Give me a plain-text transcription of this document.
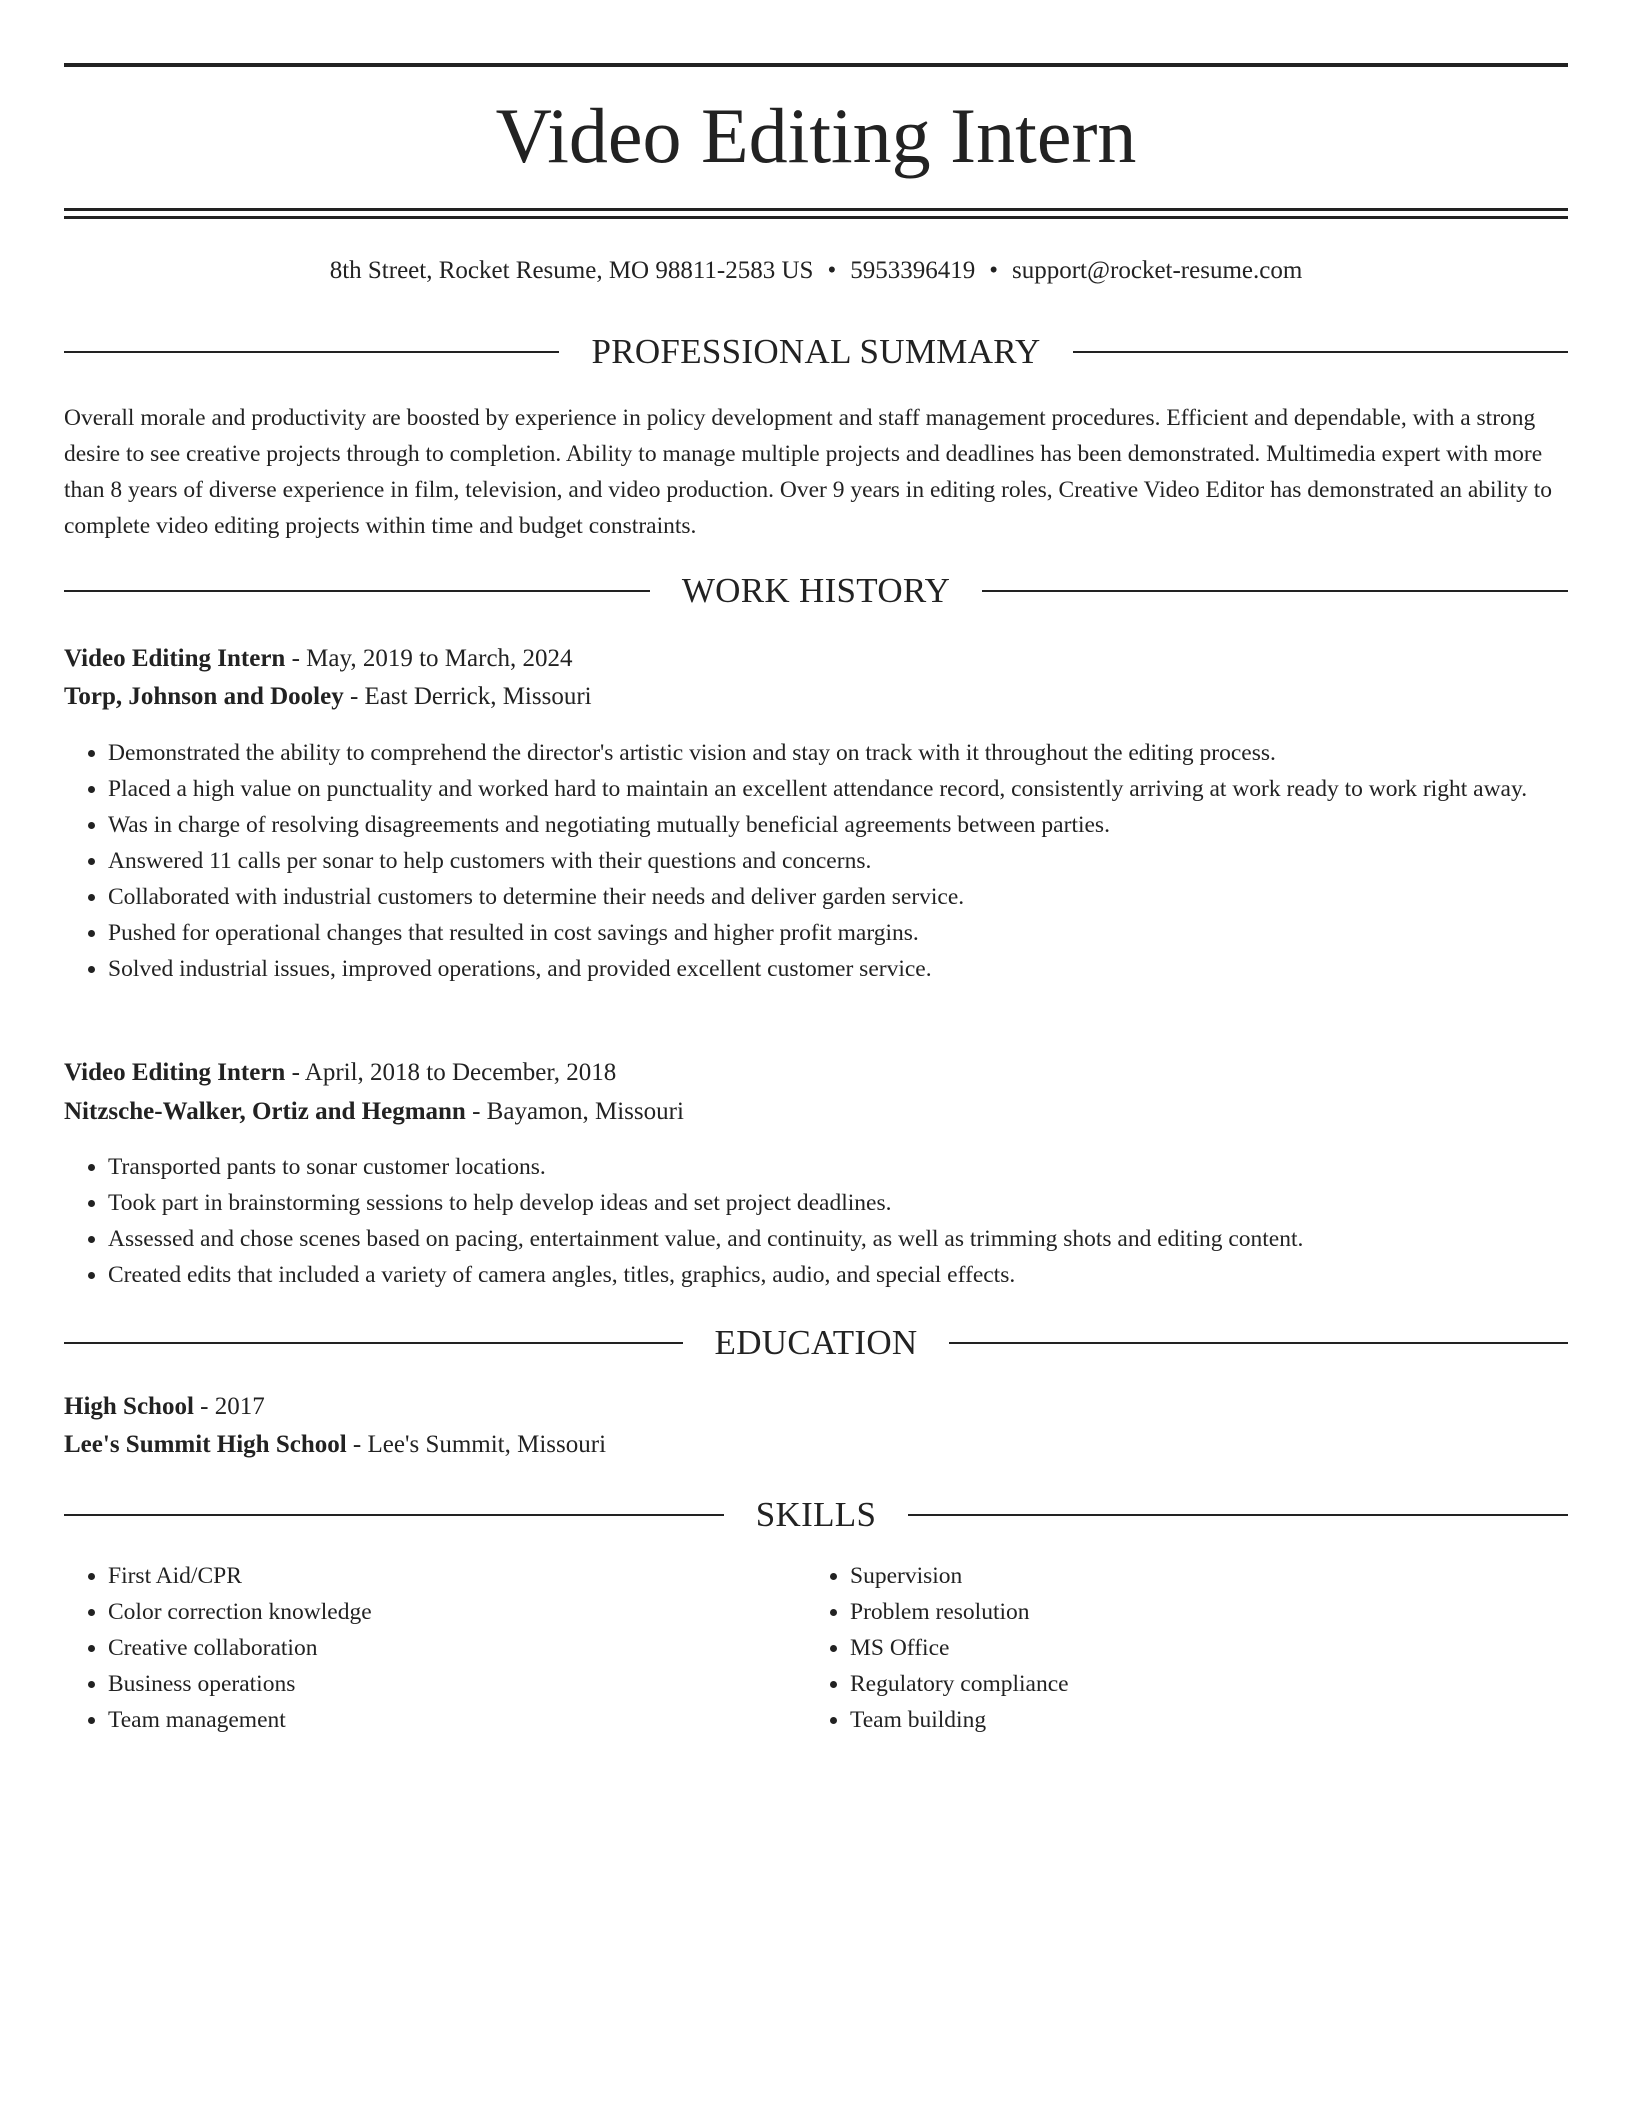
Video Editing Intern
8th Street, Rocket Resume, MO 98811-2583 US • 5953396419 • support@rocket-resume.com
PROFESSIONAL SUMMARY

Overall morale and productivity are boosted by experience in policy development and staff management procedures. Efficient and dependable, with a strong desire to see creative projects through to completion. Ability to manage multiple projects and deadlines has been demonstrated. Multimedia expert with more than 8 years of diverse experience in film, television, and video production. Over 9 years in editing roles, Creative Video Editor has demonstrated an ability to complete video editing projects within time and budget constraints.

WORK HISTORY
Video Editing Intern - May, 2019 to March, 2024
Torp, Johnson and Dooley - East Derrick, Missouri
• Demonstrated the ability to comprehend the director's artistic vision and stay on track with it throughout the editing process.
• Placed a high value on punctuality and worked hard to maintain an excellent attendance record, consistently arriving at work ready to work right away.
• Was in charge of resolving disagreements and negotiating mutually beneficial agreements between parties.
• Answered 11 calls per sonar to help customers with their questions and concerns.
• Collaborated with industrial customers to determine their needs and deliver garden service.
• Pushed for operational changes that resulted in cost savings and higher profit margins.
• Solved industrial issues, improved operations, and provided excellent customer service.
Video Editing Intern - April, 2018 to December, 2018
Nitzsche-Walker, Ortiz and Hegmann - Bayamon, Missouri
• Transported pants to sonar customer locations.
• Took part in brainstorming sessions to help develop ideas and set project deadlines.
• Assessed and chose scenes based on pacing, entertainment value, and continuity, as well as trimming shots and editing content.
• Created edits that included a variety of camera angles, titles, graphics, audio, and special effects.
EDUCATION
High School - 2017
Lee's Summit High School - Lee's Summit, Missouri
SKILLS
• First Aid/CPR
• Color correction knowledge
• Creative collaboration
• Business operations
• Team management
• Supervision
• Problem resolution
• MS Office
• Regulatory compliance
• Team building
